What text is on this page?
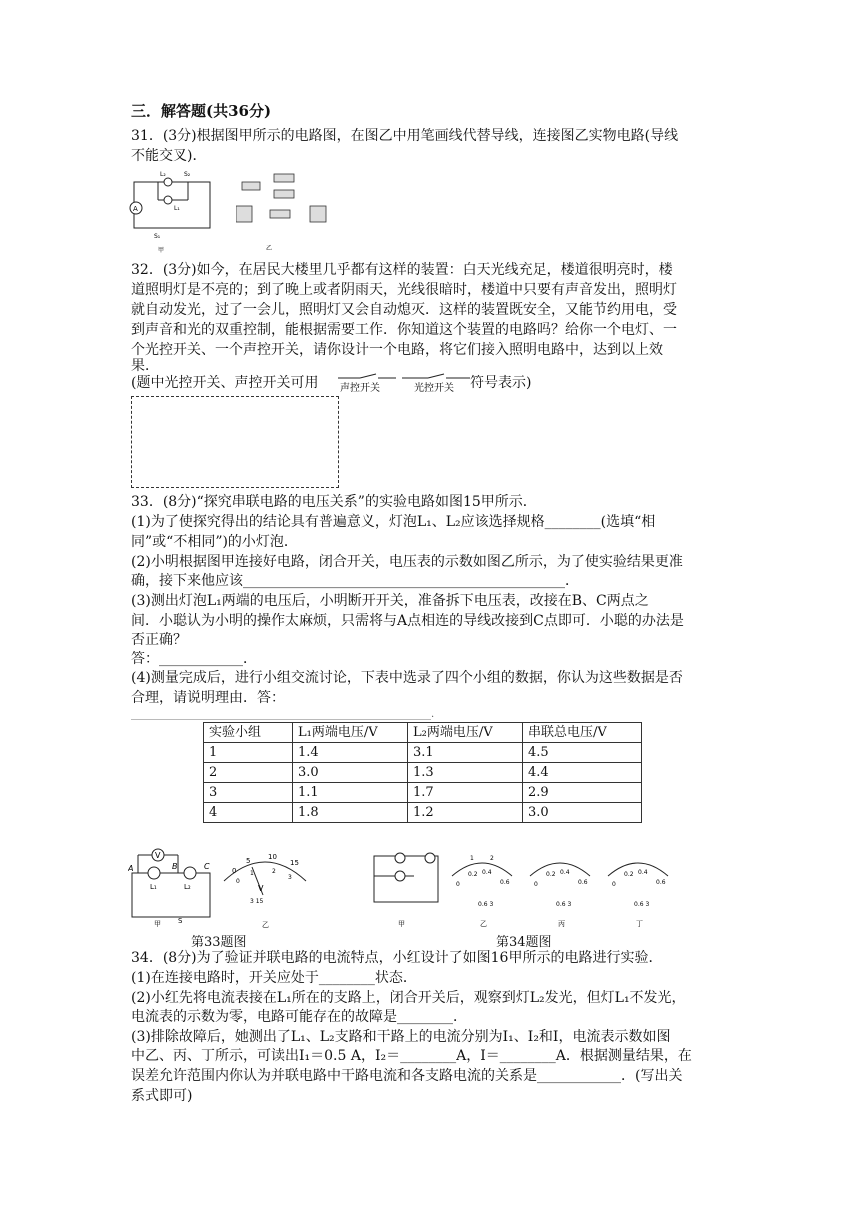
三．解答题(共36分)
31．(3分)根据图甲所示的电路图，在图乙中用笔画线代替导线，连接图乙实物电路(导线
不能交叉)．
A
L₂	S₂
L₁
S₁
甲	乙
32．(3分)如今，在居民大楼里几乎都有这样的装置：白天光线充足，楼道很明亮时，楼
道照明灯是不亮的；到了晚上或者阴雨天，光线很暗时，楼道中只要有声音发出，照明灯
就自动发光，过了一会儿，照明灯又会自动熄灭．这样的装置既安全，又能节约用电，受
到声音和光的双重控制，能根据需要工作．你知道这个装置的电路吗？给你一个电灯、一
个光控开关、一个声控开关，请你设计一个电路，将它们接入照明电路中，达到以上效
果．
(题中光控开关、声控开关可用 声控开关	光控开关 符号表示)
33．(8分)“探究串联电路的电压关系”的实验电路如图15甲所示．
(1)为了使探究得出的结论具有普遍意义，灯泡L₁、L₂应该选择规格________(选填“相
同”或“不相同”)的小灯泡．
(2)小明根据图甲连接好电路，闭合开关，电压表的示数如图乙所示，为了使实验结果更准
确，接下来他应该______________________________________________．
(3)测出灯泡L₁两端的电压后，小明断开开关，准备拆下电压表，改接在B、C两点之
间．小聪认为小明的操作太麻烦，只需将与A点相连的导线改接到C点即可．小聪的办法是
否正确？
答：____________．
(4)测量完成后，进行小组交流讨论，下表中选录了四个小组的数据，你认为这些数据是否
合理，请说明理由．答：
____________________________________________________________.
实验小组	L₁两端电压/V	L₂两端电压/V	串联总电压/V
1	1.4	3.1	4.5
2	3.0	1.3	4.4
3	1.1	1.7	2.9
4	1.8	1.2	3.0
V
A	B	C
L₁	L₂
S
甲
0
5	10
15
0
1	2
3
V
3 15
乙
第33题图
甲
0
0.2 0.4
0.6
1	2
0.6 3
乙
0
0.2 0.4
0.6
0.6 3
丙
0
0.2 0.4
0.6
0.6 3
丁
第34题图
34．(8分)为了验证并联电路的电流特点，小红设计了如图16甲所示的电路进行实验．
(1)在连接电路时，开关应处于________状态．
(2)小红先将电流表接在L₁所在的支路上，闭合开关后，观察到灯L₂发光，但灯L₁不发光，
电流表的示数为零，电路可能存在的故障是________．
(3)排除故障后，她测出了L₁、L₂支路和干路上的电流分别为I₁、I₂和I，电流表示数如图
中乙、丙、丁所示，可读出I₁＝0.5 A，I₂＝________A，I＝________A．根据测量结果，在
误差允许范围内你认为并联电路中干路电流和各支路电流的关系是____________．(写出关
系式即可)
